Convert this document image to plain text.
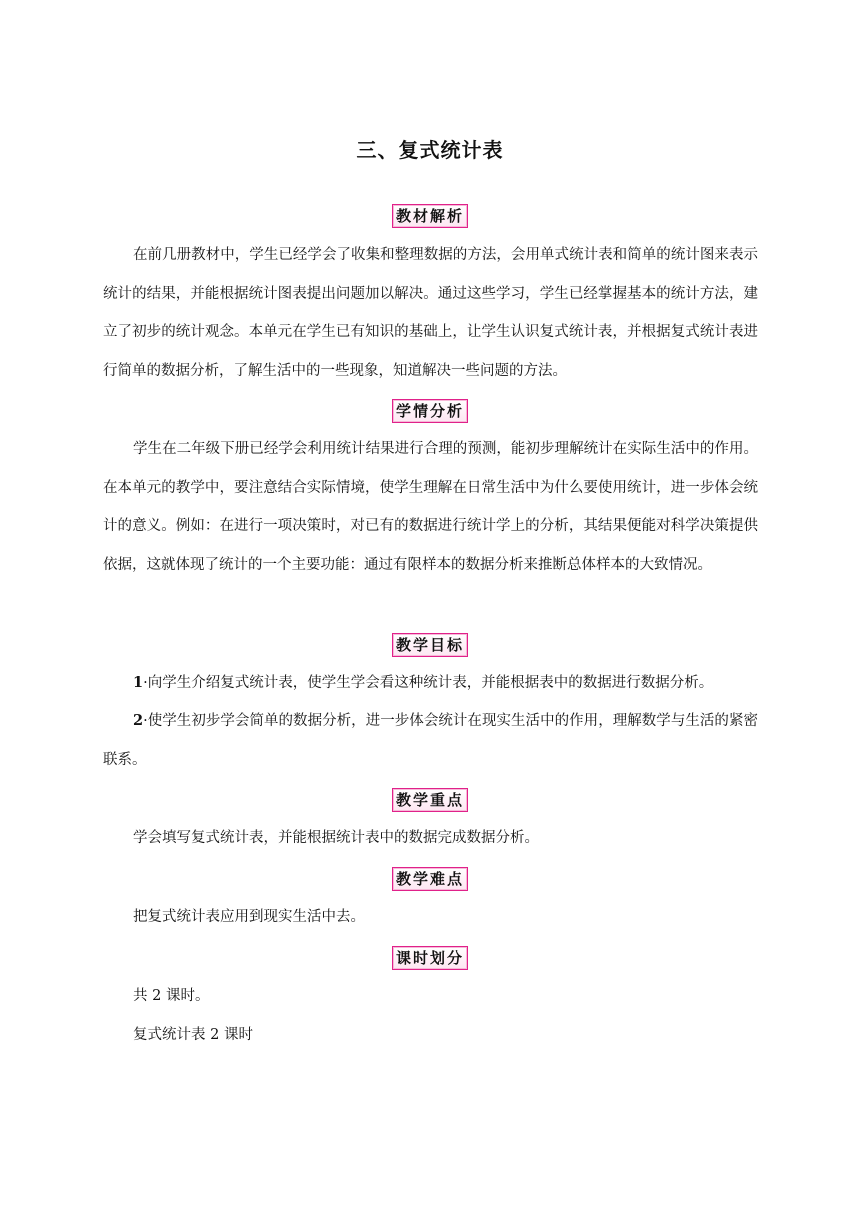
三、复式统计表
教材解析
在前几册教材中，学生已经学会了收集和整理数据的方法，会用单式统计表和简单的统计图来表示统计的结果，并能根据统计图表提出问题加以解决。通过这些学习，学生已经掌握基本的统计方法，建立了初步的统计观念。本单元在学生已有知识的基础上，让学生认识复式统计表，并根据复式统计表进行简单的数据分析，了解生活中的一些现象，知道解决一些问题的方法。
学情分析
学生在二年级下册已经学会利用统计结果进行合理的预测，能初步理解统计在实际生活中的作用。在本单元的教学中，要注意结合实际情境，使学生理解在日常生活中为什么要使用统计，进一步体会统计的意义。例如：在进行一项决策时，对已有的数据进行统计学上的分析，其结果便能对科学决策提供依据，这就体现了统计的一个主要功能：通过有限样本的数据分析来推断总体样本的大致情况。
教学目标
1·向学生介绍复式统计表，使学生学会看这种统计表，并能根据表中的数据进行数据分析。
2·使学生初步学会简单的数据分析，进一步体会统计在现实生活中的作用，理解数学与生活的紧密联系。
教学重点
学会填写复式统计表，并能根据统计表中的数据完成数据分析。
教学难点
把复式统计表应用到现实生活中去。
课时划分
共 2 课时。
复式统计表 2 课时
